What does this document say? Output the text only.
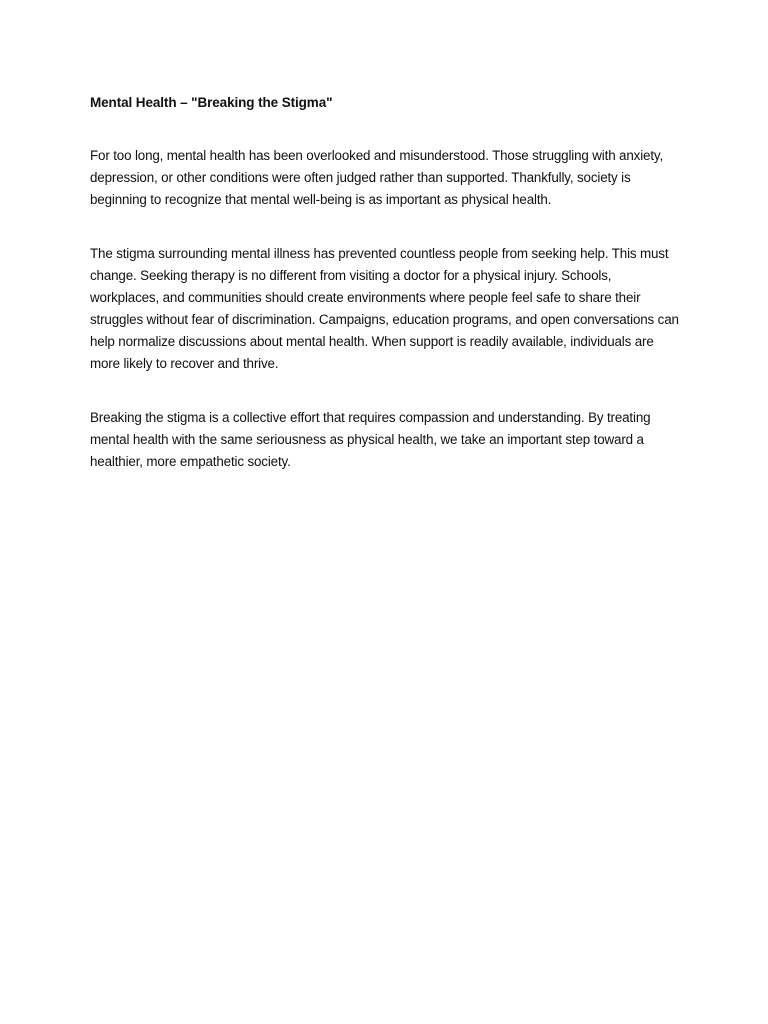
Mental Health – "Breaking the Stigma"

For too long, mental health has been overlooked and misunderstood. Those struggling with anxiety, depression, or other conditions were often judged rather than supported. Thankfully, society is beginning to recognize that mental well-being is as important as physical health.

The stigma surrounding mental illness has prevented countless people from seeking help. This must change. Seeking therapy is no different from visiting a doctor for a physical injury. Schools, workplaces, and communities should create environments where people feel safe to share their struggles without fear of discrimination. Campaigns, education programs, and open conversations can help normalize discussions about mental health. When support is readily available, individuals are more likely to recover and thrive.

Breaking the stigma is a collective effort that requires compassion and understanding. By treating mental health with the same seriousness as physical health, we take an important step toward a healthier, more empathetic society.
